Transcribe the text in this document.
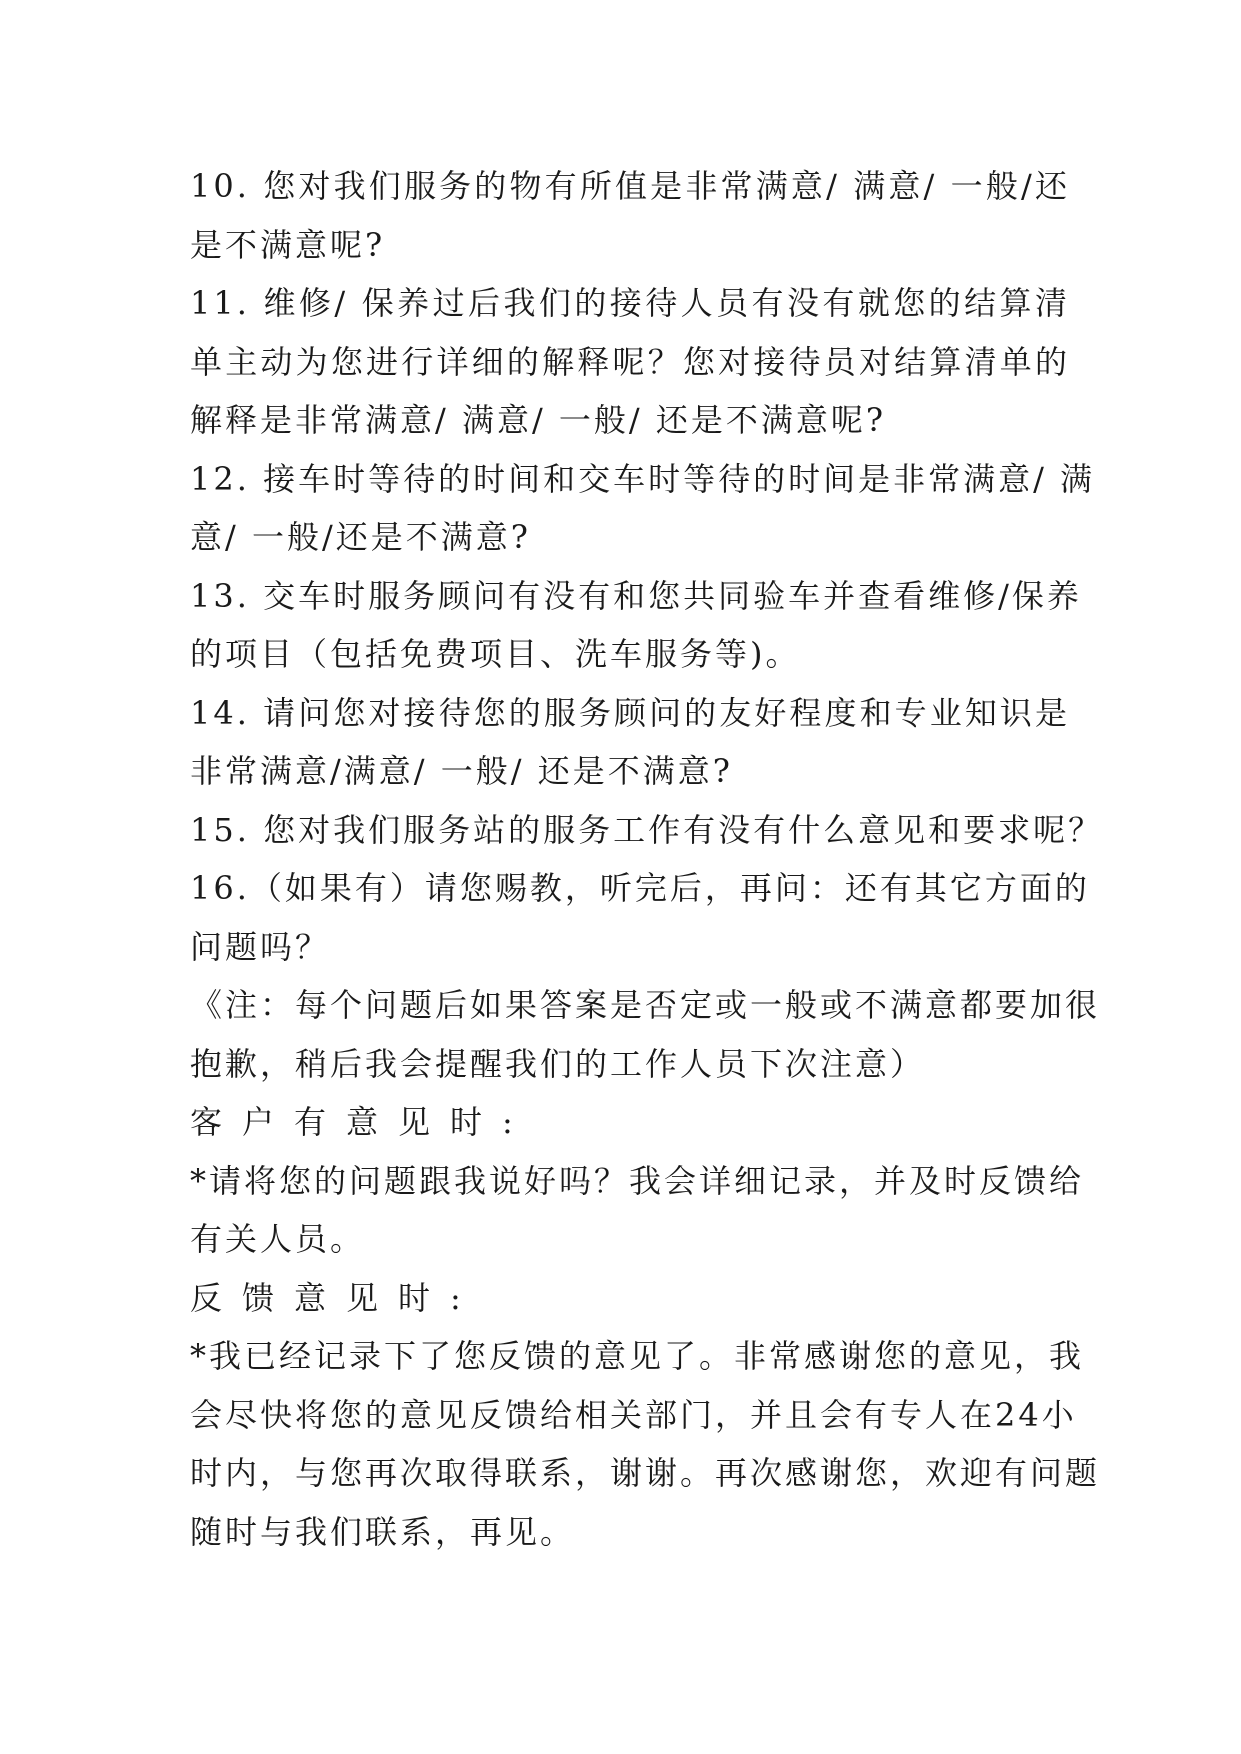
10. 您对我们服务的物有所值是非常满意/ 满意/ 一般/还
是不满意呢?
11. 维修/ 保养过后我们的接待人员有没有就您的结算清
单主动为您进行详细的解释呢？您对接待员对结算清单的
解释是非常满意/ 满意/ 一般/ 还是不满意呢?
12. 接车时等待的时间和交车时等待的时间是非常满意/ 满
意/ 一般/还是不满意?
13. 交车时服务顾问有没有和您共同验车并查看维修/保养
的项目（包括免费项目、洗车服务等)。
14. 请问您对接待您的服务顾问的友好程度和专业知识是
非常满意/满意/ 一般/ 还是不满意?
15. 您对我们服务站的服务工作有没有什么意见和要求呢？
16.（如果有）请您赐教，听完后，再问：还有其它方面的
问题吗？
《注：每个问题后如果答案是否定或一般或不满意都要加很
抱歉，稍后我会提醒我们的工作人员下次注意）
客户有意见时:
*请将您的问题跟我说好吗？我会详细记录，并及时反馈给
有关人员。
反馈意见时:
*我已经记录下了您反馈的意见了。非常感谢您的意见，我
会尽快将您的意见反馈给相关部门，并且会有专人在24小
时内，与您再次取得联系，谢谢。再次感谢您，欢迎有问题
随时与我们联系，再见。
